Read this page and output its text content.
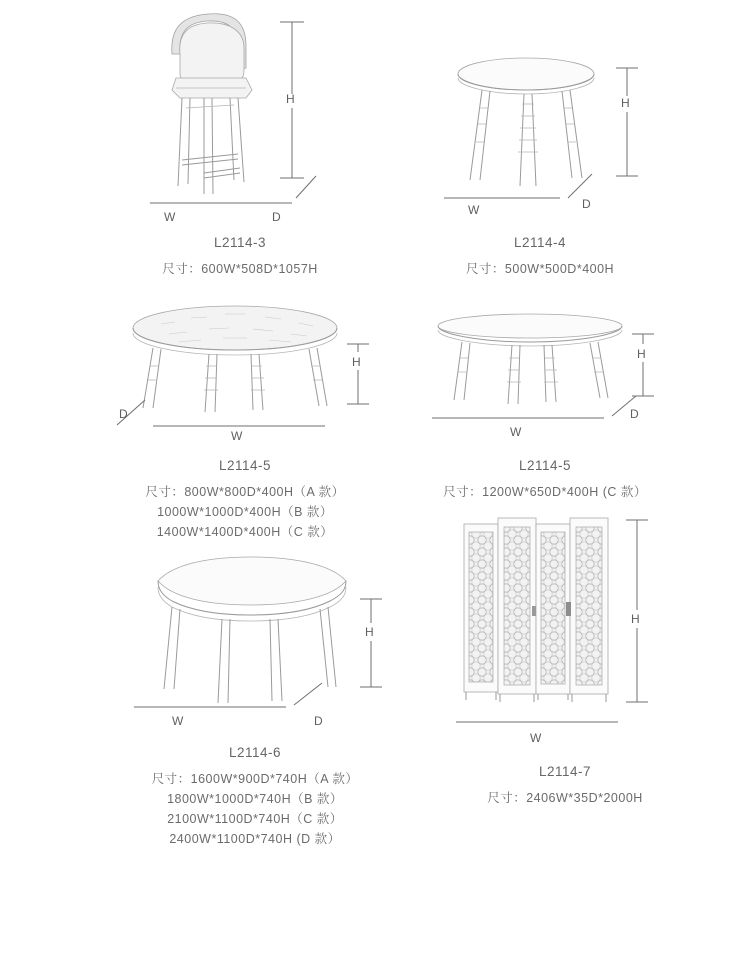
H
W	D
L2114-3
尺寸：600W*508D*1057H
H
W	D
L2114-4
尺寸：500W*500D*400H
H
D
W
L2114-5
尺寸：800W*800D*400H（A 款）
1000W*1000D*400H（B 款）
1400W*1400D*400H（C 款）
H
W
D
L2114-5
尺寸：1200W*650D*400H (C 款）
H
W	D
L2114-6
尺寸：1600W*900D*740H（A 款）
1800W*1000D*740H（B 款）
2100W*1100D*740H（C 款）
2400W*1100D*740H (D 款）
H
W
L2114-7
尺寸：2406W*35D*2000H
